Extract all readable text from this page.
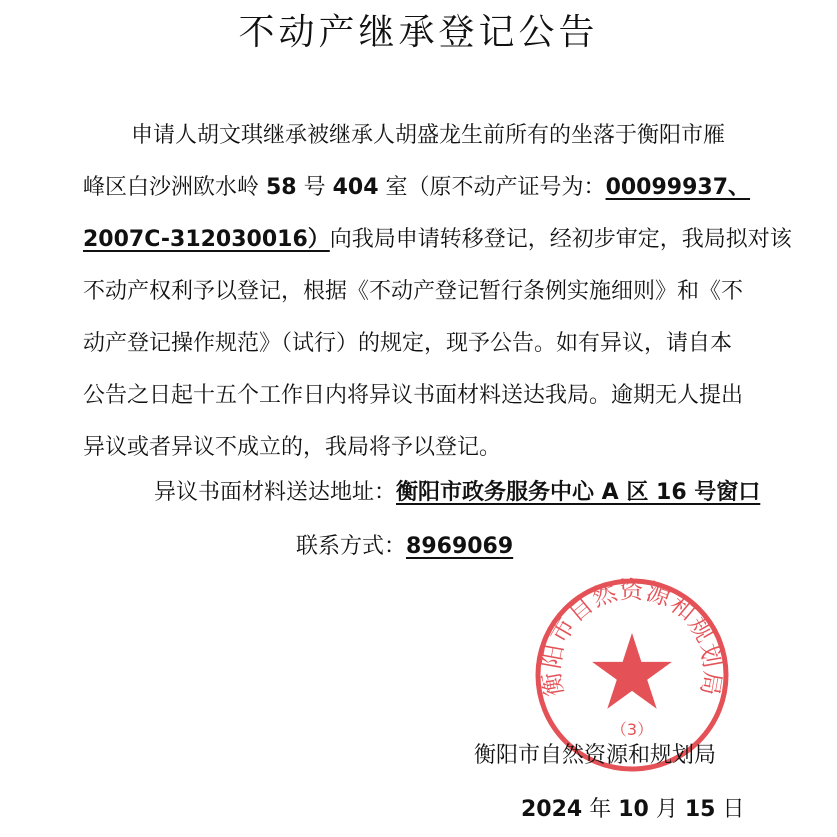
不动产继承登记公告
申请人胡文琪继承被继承人胡盛龙生前所有的坐落于衡阳市雁
峰区白沙洲欧水岭 58 号 404 室（原不动产证号为：00099937、
2007C-312030016）向我局申请转移登记，经初步审定，我局拟对该
不动产权利予以登记，根据《不动产登记暂行条例实施细则》和《不
动产登记操作规范》（试行）的规定，现予公告。如有异议，请自本
公告之日起十五个工作日内将异议书面材料送达我局。逾期无人提出
异议或者异议不成立的，我局将予以登记。
异议书面材料送达地址：衡阳市政务服务中心 A 区 16 号窗口
联系方式：8969069
衡阳市自然资源和规划局
（3）
衡阳市自然资源和规划局
2024 年 10 月 15 日
